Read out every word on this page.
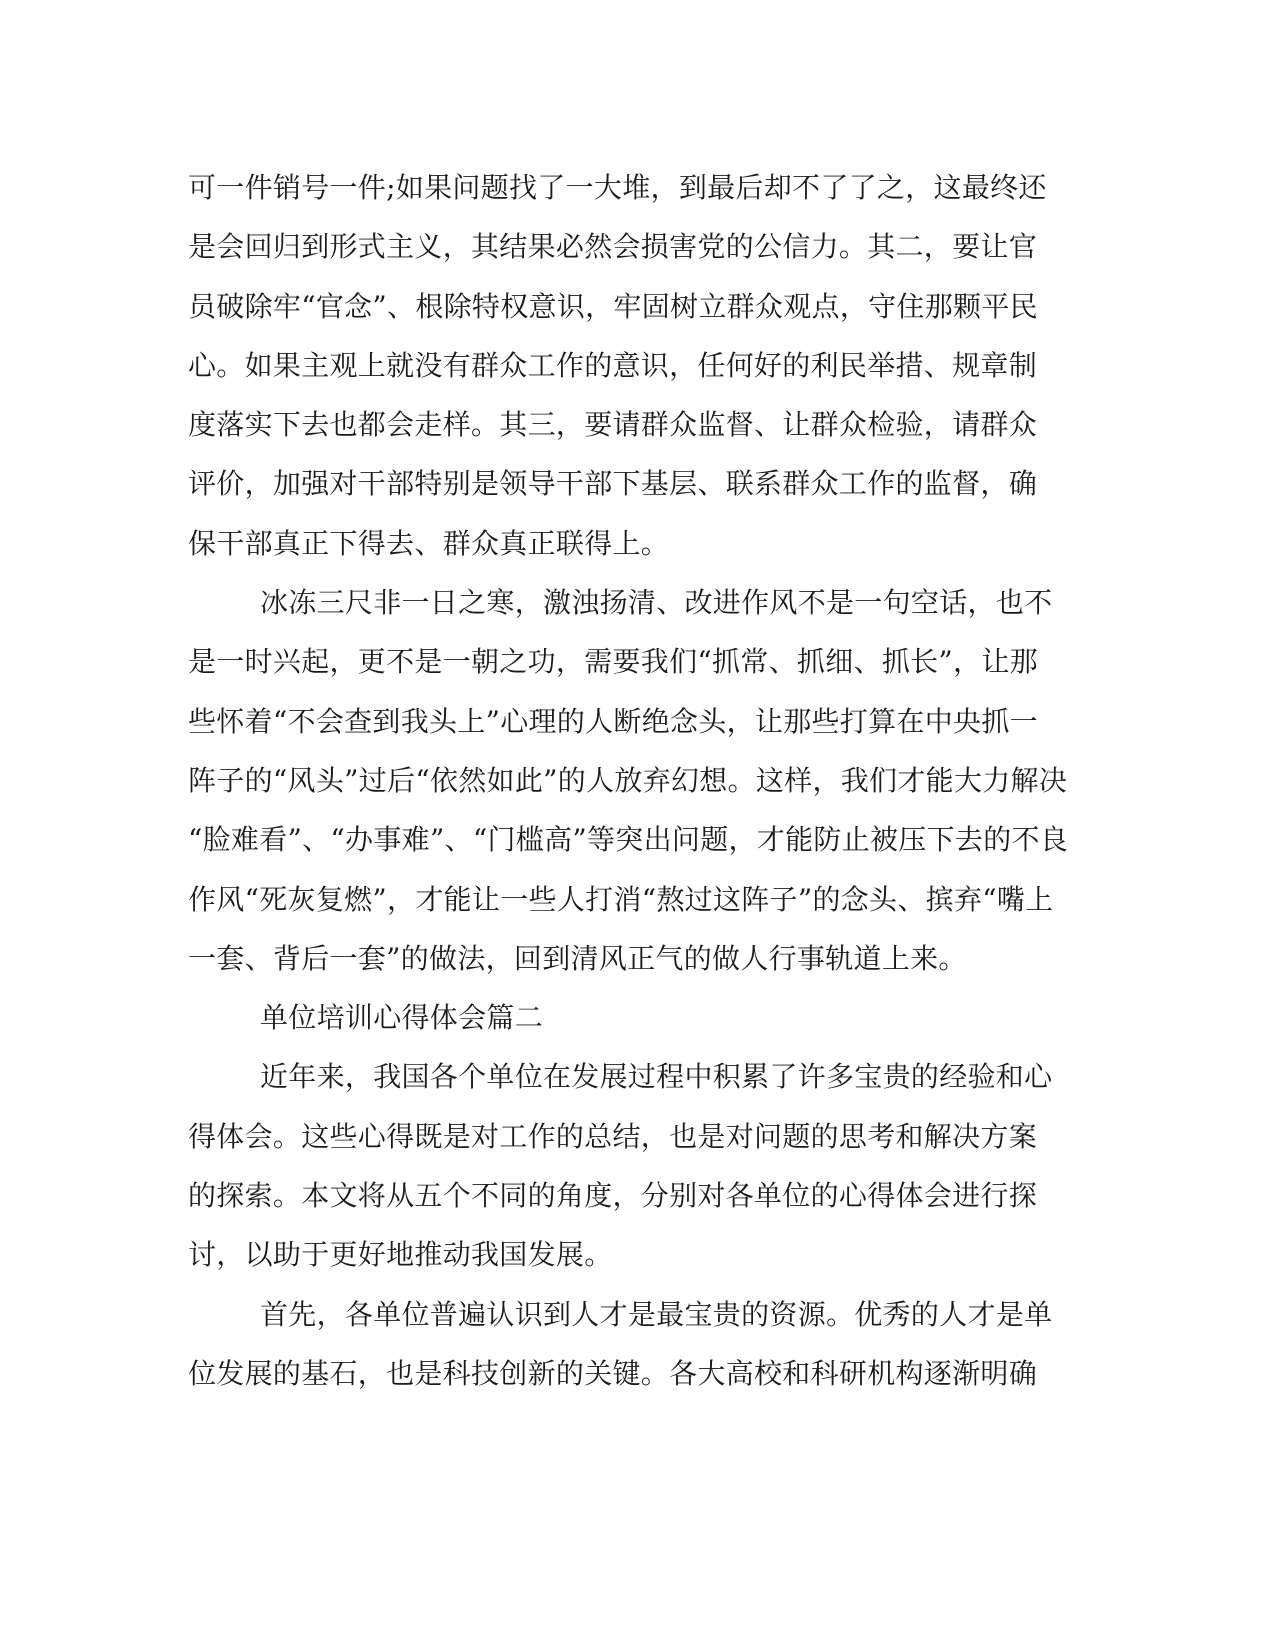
可一件销号一件;如果问题找了一大堆，到最后却不了了之，这最终还
是会回归到形式主义，其结果必然会损害党的公信力。其二，要让官
员破除牢“官念”、根除特权意识，牢固树立群众观点，守住那颗平民
心。如果主观上就没有群众工作的意识，任何好的利民举措、规章制
度落实下去也都会走样。其三，要请群众监督、让群众检验，请群众
评价，加强对干部特别是领导干部下基层、联系群众工作的监督，确
保干部真正下得去、群众真正联得上。
冰冻三尺非一日之寒，激浊扬清、改进作风不是一句空话，也不
是一时兴起，更不是一朝之功，需要我们“抓常、抓细、抓长”，让那
些怀着“不会查到我头上”心理的人断绝念头，让那些打算在中央抓一
阵子的“风头”过后“依然如此”的人放弃幻想。这样，我们才能大力解决
“脸难看”、“办事难”、“门槛高”等突出问题，才能防止被压下去的不良
作风“死灰复燃”，才能让一些人打消“熬过这阵子”的念头、摈弃“嘴上
一套、背后一套”的做法，回到清风正气的做人行事轨道上来。
单位培训心得体会篇二
近年来，我国各个单位在发展过程中积累了许多宝贵的经验和心
得体会。这些心得既是对工作的总结，也是对问题的思考和解决方案
的探索。本文将从五个不同的角度，分别对各单位的心得体会进行探
讨，以助于更好地推动我国发展。
首先，各单位普遍认识到人才是最宝贵的资源。优秀的人才是单
位发展的基石，也是科技创新的关键。各大高校和科研机构逐渐明确
